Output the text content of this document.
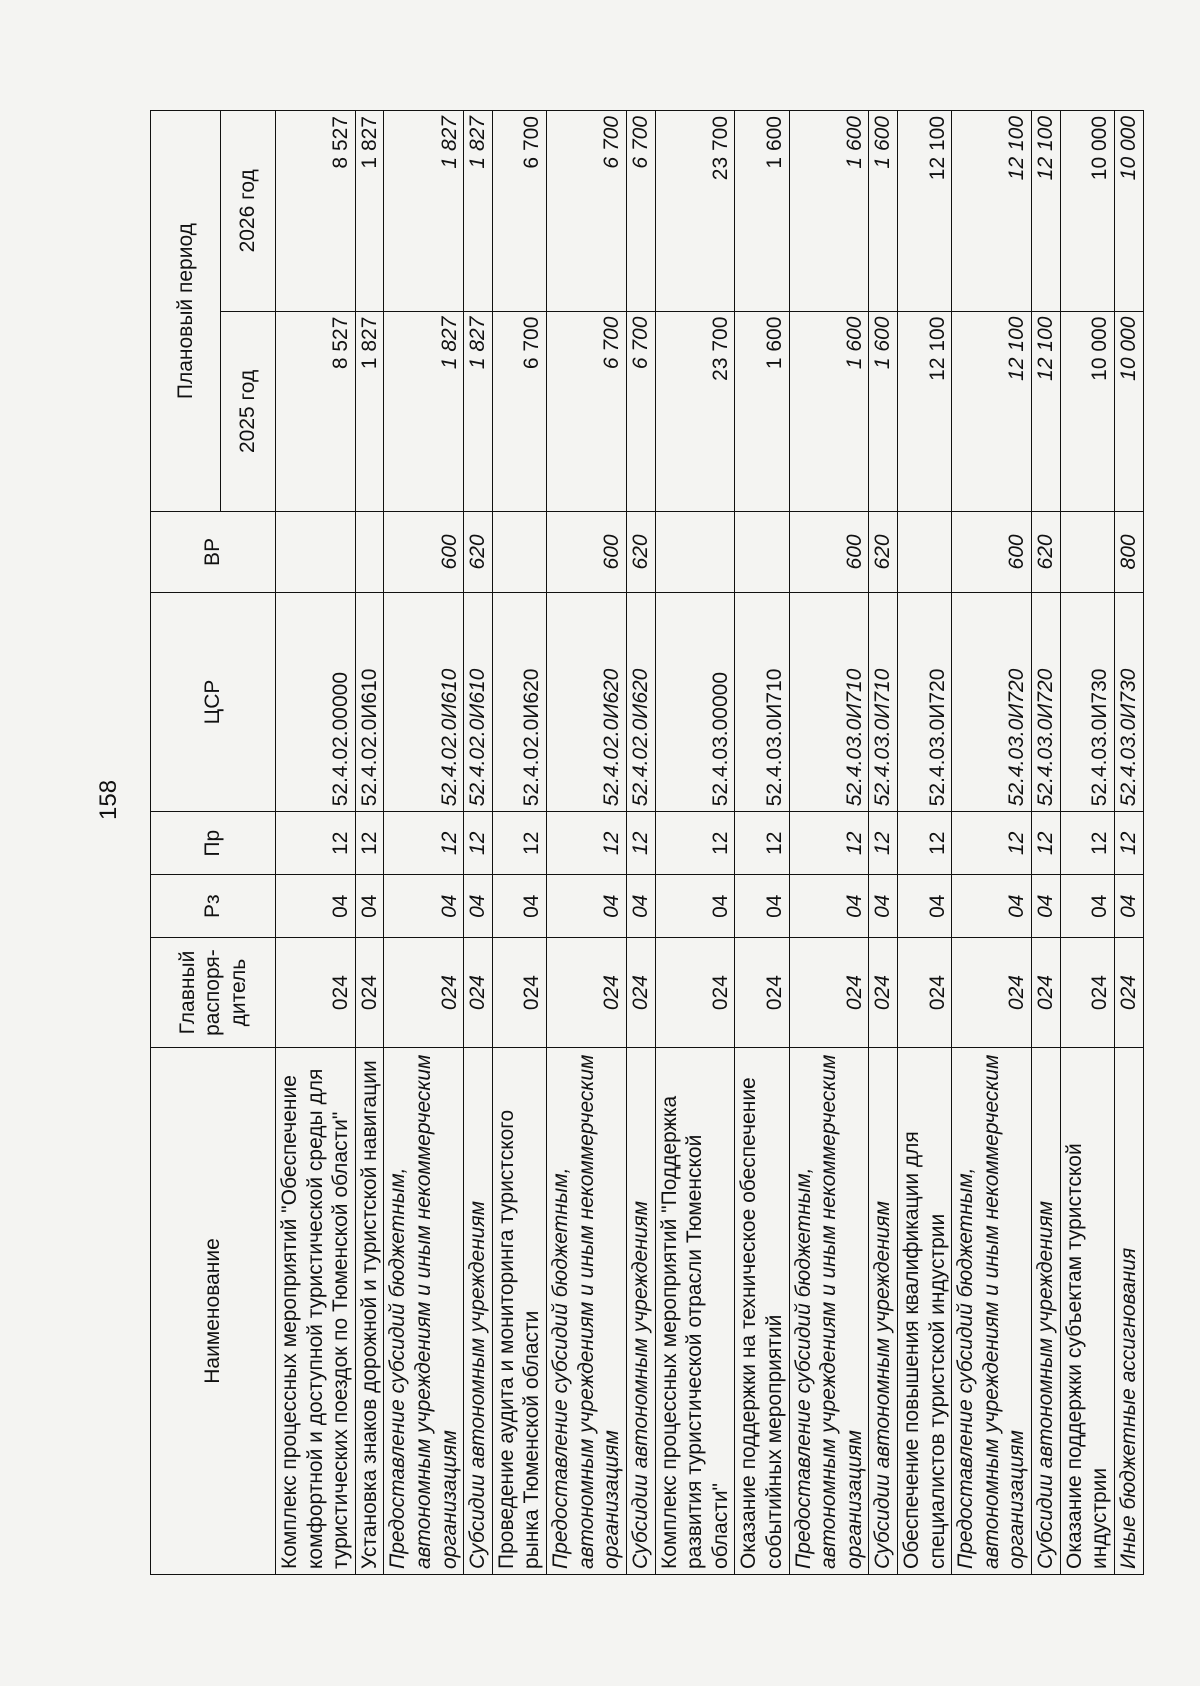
158
Наименование	Главный распоря-дитель	Рз	Пр	ЦСР	ВР	Плановый период	
						2025 год	2026 год
Комплекс процессных мероприятий "Обеспечение комфортной и доступной туристической среды для туристических поездок по Тюменской области"	024	04	12	52.4.02.00000		8 527	8 527
Установка знаков дорожной и туристской навигации	024	04	12	52.4.02.0И610		1 827	1 827
Предоставление субсидий бюджетным, автономным учреждениям и иным некоммерческим организациям	024	04	12	52.4.02.0И610	600	1 827	1 827
Субсидии автономным учреждениям	024	04	12	52.4.02.0И610	620	1 827	1 827
Проведение аудита и мониторинга туристского рынка Тюменской области	024	04	12	52.4.02.0И620		6 700	6 700
Предоставление субсидий бюджетным, автономным учреждениям и иным некоммерческим организациям	024	04	12	52.4.02.0И620	600	6 700	6 700
Субсидии автономным учреждениям	024	04	12	52.4.02.0И620	620	6 700	6 700
Комплекс процессных мероприятий "Поддержка развития туристической отрасли Тюменской области"	024	04	12	52.4.03.00000		23 700	23 700
Оказание поддержки на техническое обеспечение событийных мероприятий	024	04	12	52.4.03.0И710		1 600	1 600
Предоставление субсидий бюджетным, автономным учреждениям и иным некоммерческим организациям	024	04	12	52.4.03.0И710	600	1 600	1 600
Субсидии автономным учреждениям	024	04	12	52.4.03.0И710	620	1 600	1 600
Обеспечение повышения квалификации для специалистов туристской индустрии	024	04	12	52.4.03.0И720		12 100	12 100
Предоставление субсидий бюджетным, автономным учреждениям и иным некоммерческим организациям	024	04	12	52.4.03.0И720	600	12 100	12 100
Субсидии автономным учреждениям	024	04	12	52.4.03.0И720	620	12 100	12 100
Оказание поддержки субъектам туристской индустрии	024	04	12	52.4.03.0И730		10 000	10 000
Иные бюджетные ассигнования	024	04	12	52.4.03.0И730	800	10 000	10 000
